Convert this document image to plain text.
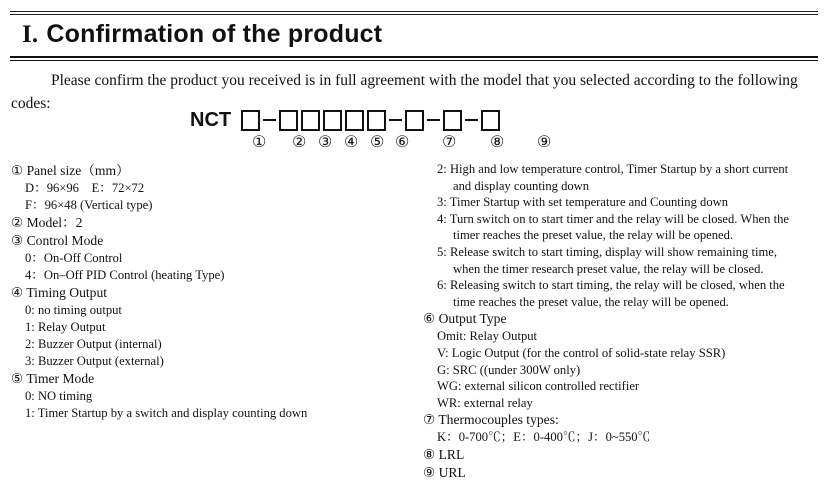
I. Confirmation of the product
Please confirm the product you received is in full agreement with the model that you selected according to the following codes:
NCT
① ② ③ ④ ⑤ ⑥ ⑦ ⑧ ⑨
① Panel size（mm）
D：96×96　E：72×72
F：96×48 (Vertical type)
② Model：2
③ Control Mode
0：On-Off Control
4：On–Off PID Control (heating Type)
④ Timing Output
0: no timing output
1: Relay Output
2: Buzzer Output (internal)
3: Buzzer Output (external)
⑤ Timer Mode
0: NO timing
1: Timer Startup by a switch and display counting down
2: High and low temperature control, Timer Startup by a short current
and display counting down
3: Timer Startup with set temperature and Counting down
4: Turn switch on to start timer and the relay will be closed. When the
timer reaches the preset value, the relay will be opened.
5: Release switch to start timing, display will show remaining time,
when the timer research preset value, the relay will be closed.
6: Releasing switch to start timing, the relay will be closed, when the
time reaches the preset value, the relay will be opened.
⑥ Output Type
Omit: Relay Output
V: Logic Output (for the control of solid-state relay SSR)
G: SRC ((under 300W only)
WG: external silicon controlled rectifier
WR: external relay
⑦ Thermocouples types:
K：0-700℃；E：0-400℃；J：0~550℃
⑧ LRL
⑨ URL
